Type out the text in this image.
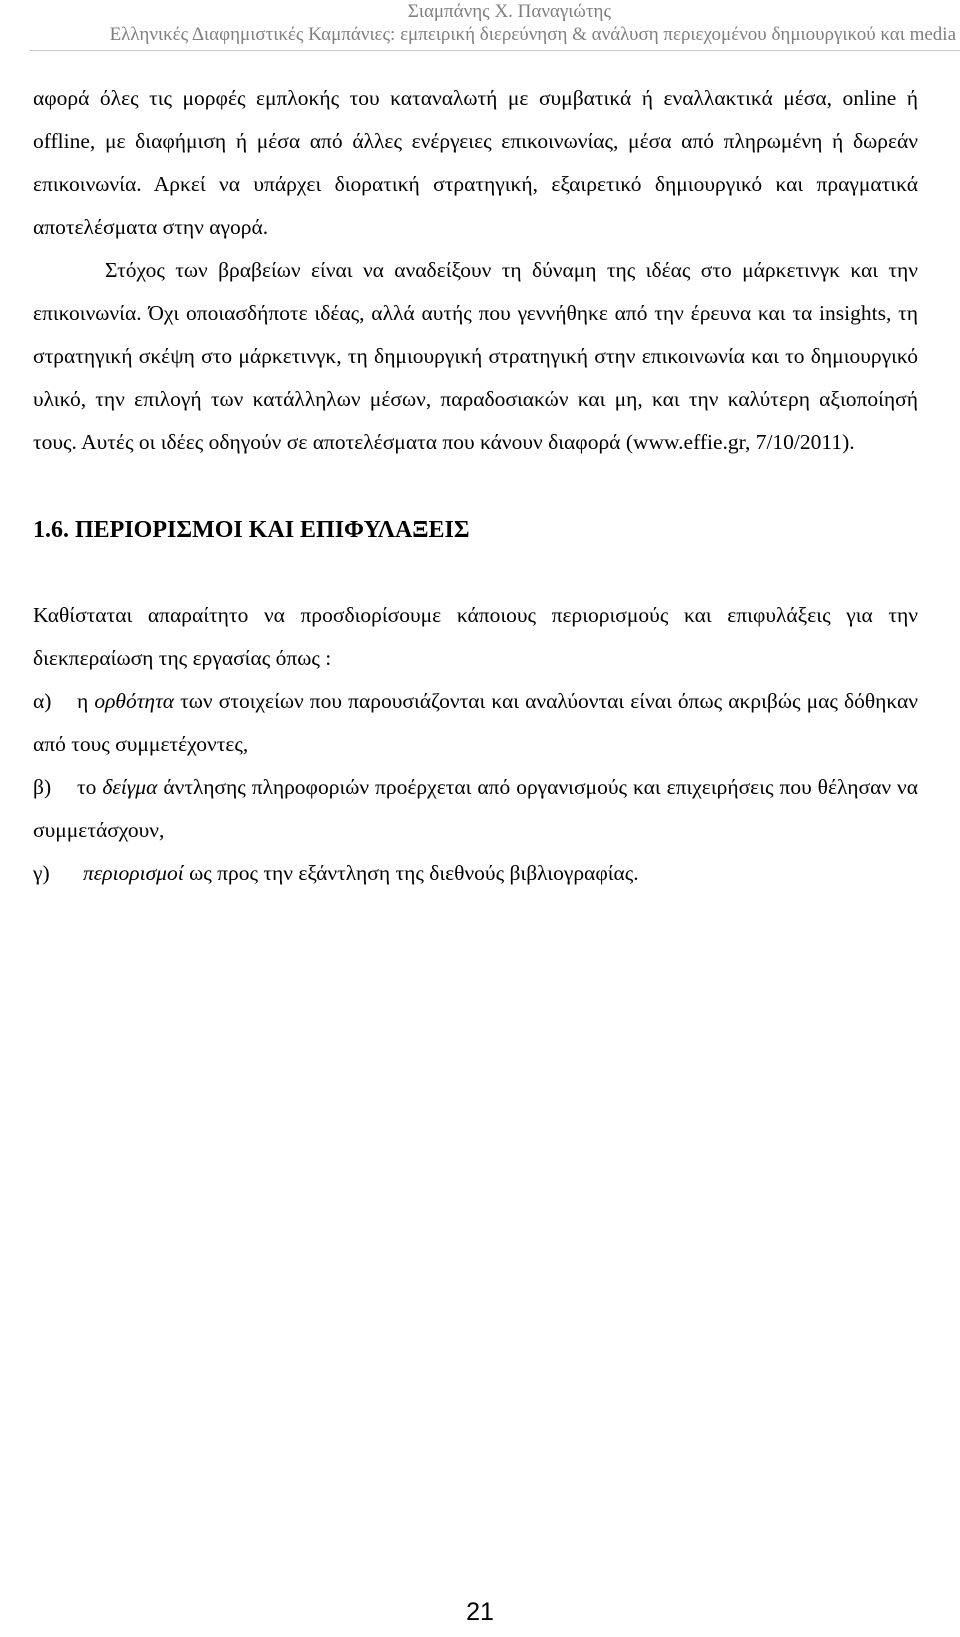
Σιαμπάνης Χ. Παναγιώτης
Ελληνικές Διαφημιστικές Καμπάνιες: εμπειρική διερεύνηση & ανάλυση περιεχομένου δημιουργικού και media

αφορά όλες τις μορφές εμπλοκής του καταναλωτή με συμβατικά ή εναλλακτικά μέσα, online ή offline, με διαφήμιση ή μέσα από άλλες ενέργειες επικοινωνίας, μέσα από πληρωμένη ή δωρεάν επικοινωνία. Αρκεί να υπάρχει διορατική στρατηγική, εξαιρετικό δημιουργικό και πραγματικά αποτελέσματα στην αγορά.

Στόχος των βραβείων είναι να αναδείξουν τη δύναμη της ιδέας στο μάρκετινγκ και την επικοινωνία. Όχι οποιασδήποτε ιδέας, αλλά αυτής που γεννήθηκε από την έρευνα και τα insights, τη στρατηγική σκέψη στο μάρκετινγκ, τη δημιουργική στρατηγική στην επικοινωνία και το δημιουργικό υλικό, την επιλογή των κατάλληλων μέσων, παραδοσιακών και μη, και την καλύτερη αξιοποίησή τους. Αυτές οι ιδέες οδηγούν σε αποτελέσματα που κάνουν διαφορά (www.effie.gr, 7/10/2011).

1.6. ΠΕΡΙΟΡΙΣΜΟΙ ΚΑΙ ΕΠΙΦΥΛΑΞΕΙΣ

Καθίσταται απαραίτητο να προσδιορίσουμε κάποιους περιορισμούς και επιφυλάξεις για την διεκπεραίωση της εργασίας όπως :

α) η ορθότητα των στοιχείων που παρουσιάζονται και αναλύονται είναι όπως ακριβώς μας δόθηκαν από τους συμμετέχοντες,

β) το δείγμα άντλησης πληροφοριών προέρχεται από οργανισμούς και επιχειρήσεις που θέλησαν να συμμετάσχουν,

γ) περιορισμοί ως προς την εξάντληση της διεθνούς βιβλιογραφίας.

21
